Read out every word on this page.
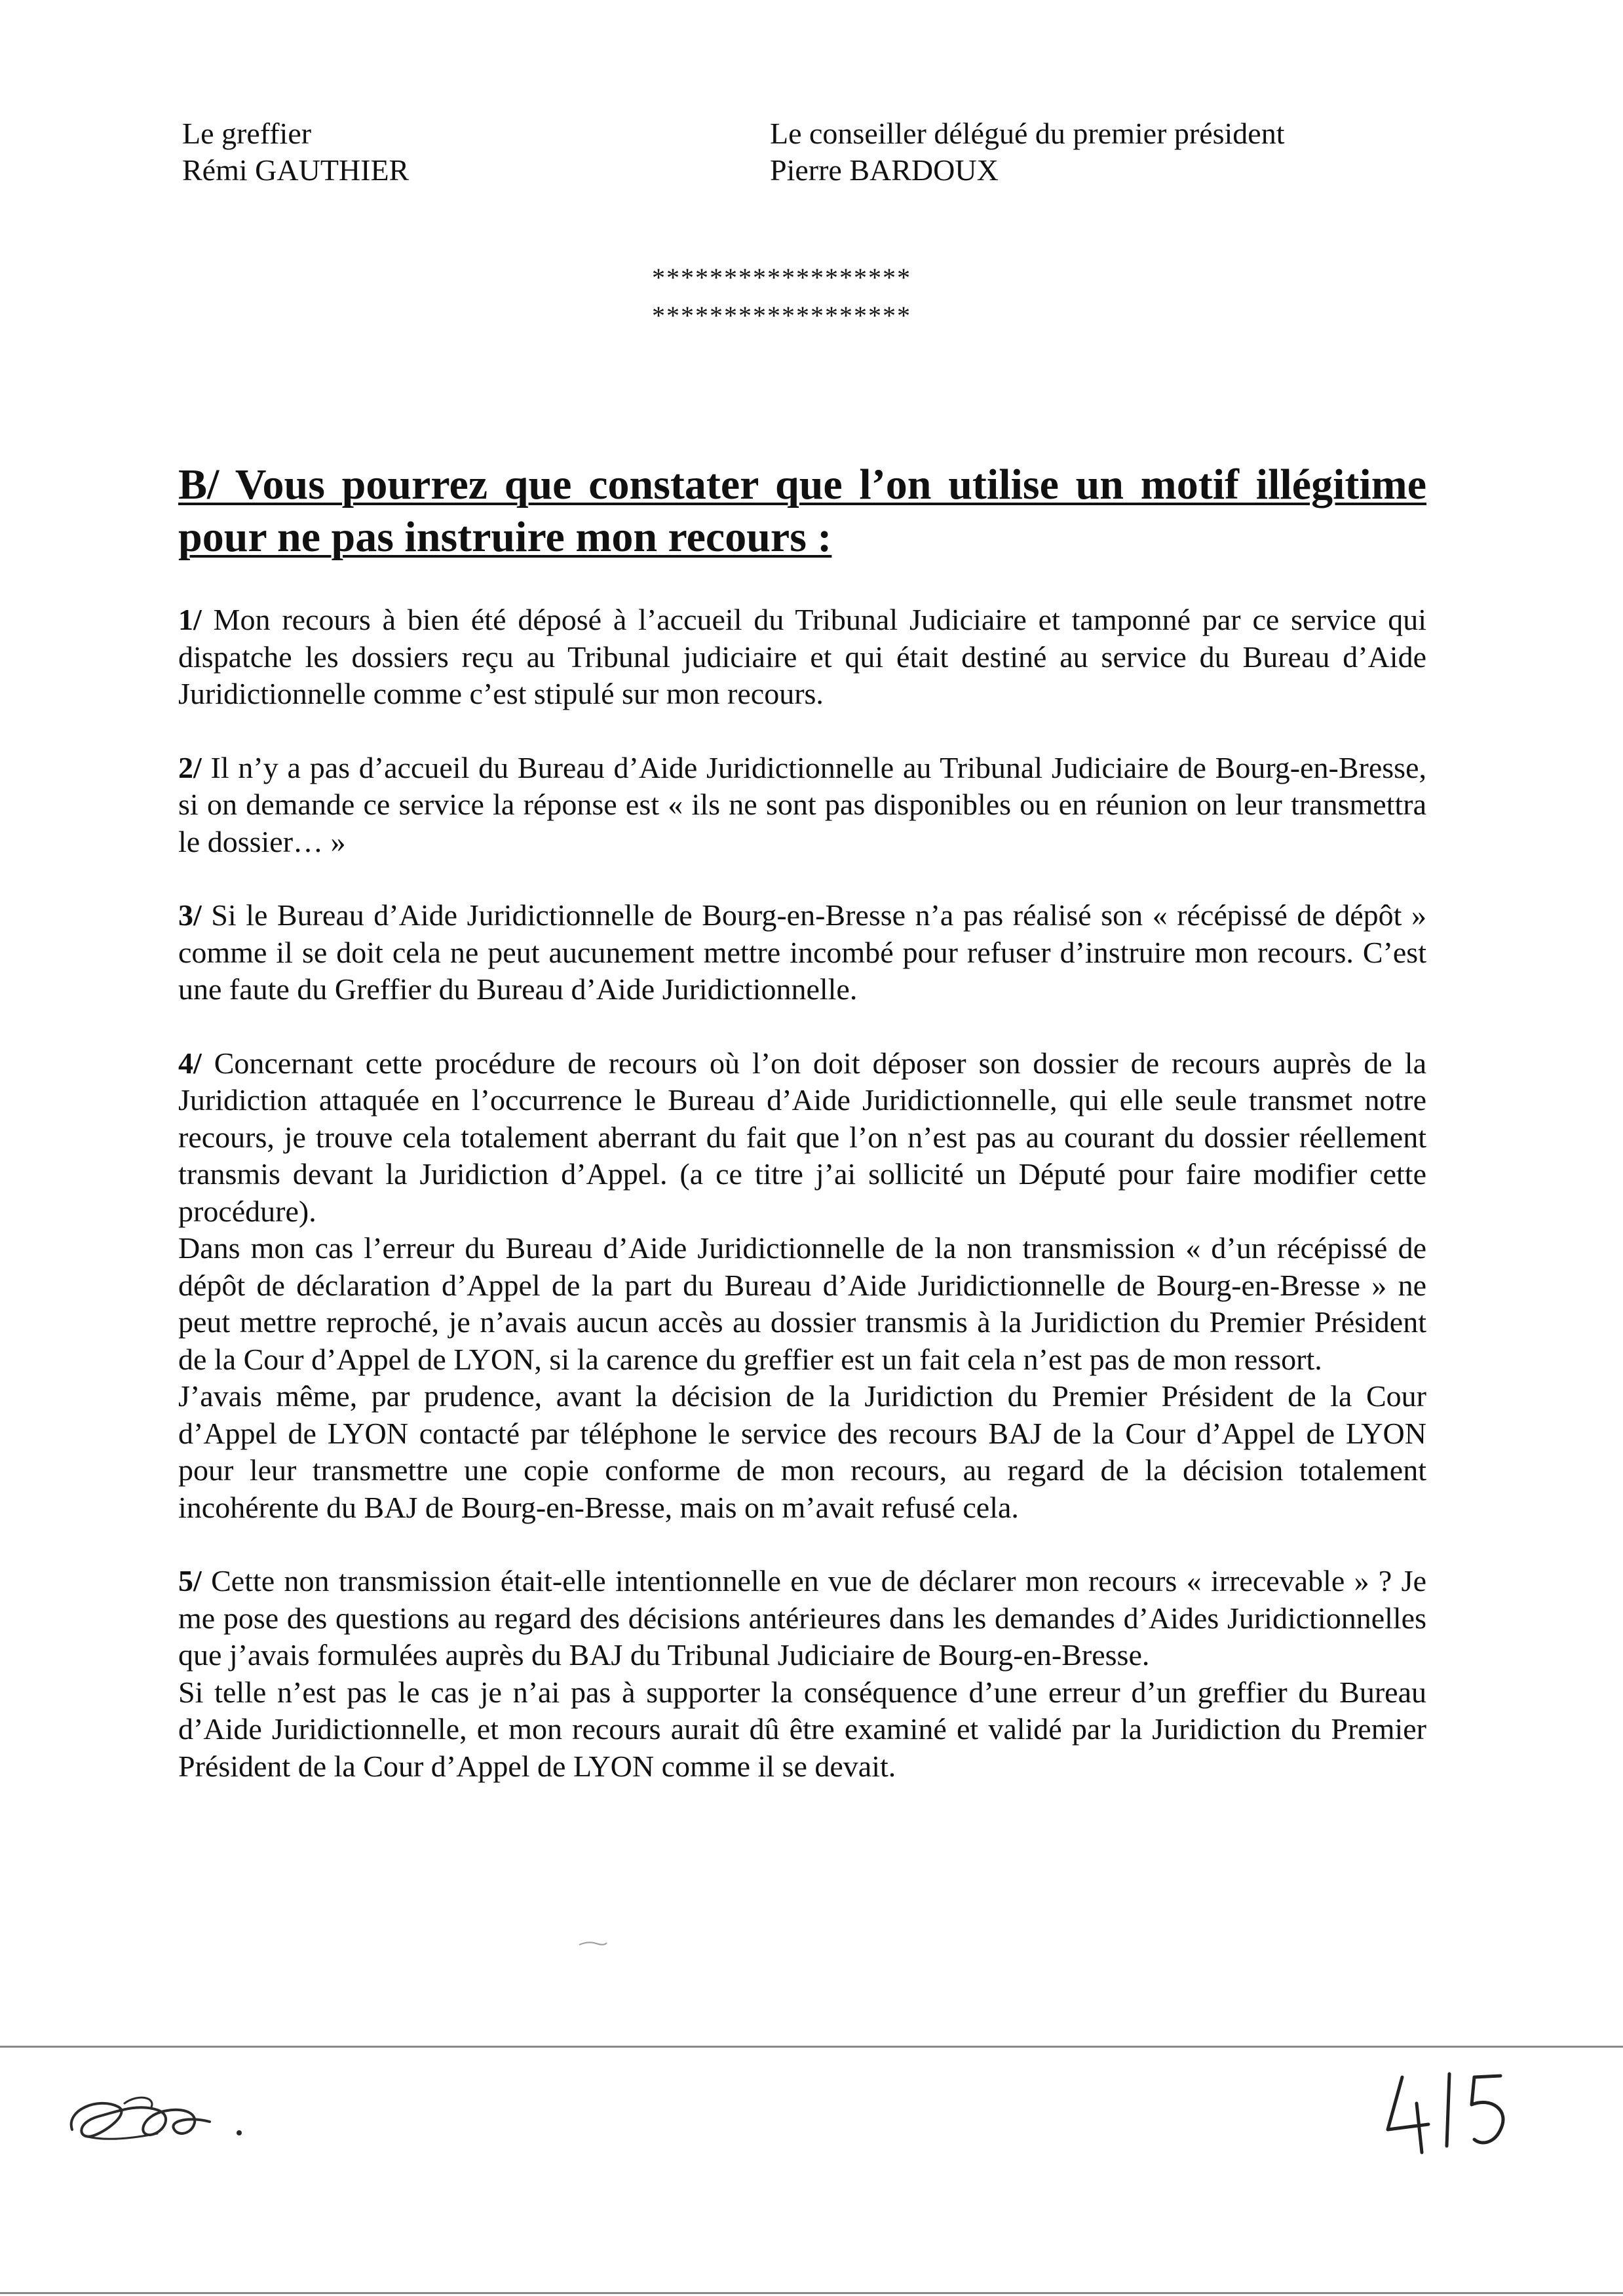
Le greffier
Rémi GAUTHIER
Le conseiller délégué du premier président
Pierre BARDOUX
******************
******************
B/ Vous pourrez que constater que l’on utilise un motif illégitime pour ne pas instruire mon recours :

1/ Mon recours à bien été déposé à l’accueil du Tribunal Judiciaire et tamponné par ce service qui dispatche les dossiers reçu au Tribunal judiciaire et qui était destiné au service du Bureau d’Aide Juridictionnelle comme c’est stipulé sur mon recours.

2/ Il n’y a pas d’accueil du Bureau d’Aide Juridictionnelle au Tribunal Judiciaire de Bourg-en-Bresse, si on demande ce service la réponse est « ils ne sont pas disponibles ou en réunion on leur transmettra le dossier… »

3/ Si le Bureau d’Aide Juridictionnelle de Bourg-en-Bresse n’a pas réalisé son « récépissé de dépôt » comme il se doit cela ne peut aucunement mettre incombé pour refuser d’instruire mon recours. C’est une faute du Greffier du Bureau d’Aide Juridictionnelle.

4/ Concernant cette procédure de recours où l’on doit déposer son dossier de recours auprès de la Juridiction attaquée en l’occurrence le Bureau d’Aide Juridictionnelle, qui elle seule transmet notre recours, je trouve cela totalement aberrant du fait que l’on n’est pas au courant du dossier réellement transmis devant la Juridiction d’Appel. (a ce titre j’ai sollicité un Député pour faire modifier cette procédure).

Dans mon cas l’erreur du Bureau d’Aide Juridictionnelle de la non transmission « d’un récépissé de dépôt de déclaration d’Appel de la part du Bureau d’Aide Juridictionnelle de Bourg-en-Bresse » ne peut mettre reproché, je n’avais aucun accès au dossier transmis à la Juridiction du Premier Président de la Cour d’Appel de LYON, si la carence du greffier est un fait cela n’est pas de mon ressort.

J’avais même, par prudence, avant la décision de la Juridiction du Premier Président de la Cour d’Appel de LYON contacté par téléphone le service des recours BAJ de la Cour d’Appel de LYON pour leur transmettre une copie conforme de mon recours, au regard de la décision totalement incohérente du BAJ de Bourg-en-Bresse, mais on m’avait refusé cela.

5/ Cette non transmission était-elle intentionnelle en vue de déclarer mon recours « irrecevable » ? Je me pose des questions au regard des décisions antérieures dans les demandes d’Aides Juridictionnelles que j’avais formulées auprès du BAJ du Tribunal Judiciaire de Bourg-en-Bresse.

Si telle n’est pas le cas je n’ai pas à supporter la conséquence d’une erreur d’un greffier du Bureau d’Aide Juridictionnelle, et mon recours aurait dû être examiné et validé par la Juridiction du Premier Président de la Cour d’Appel de LYON comme il se devait.
